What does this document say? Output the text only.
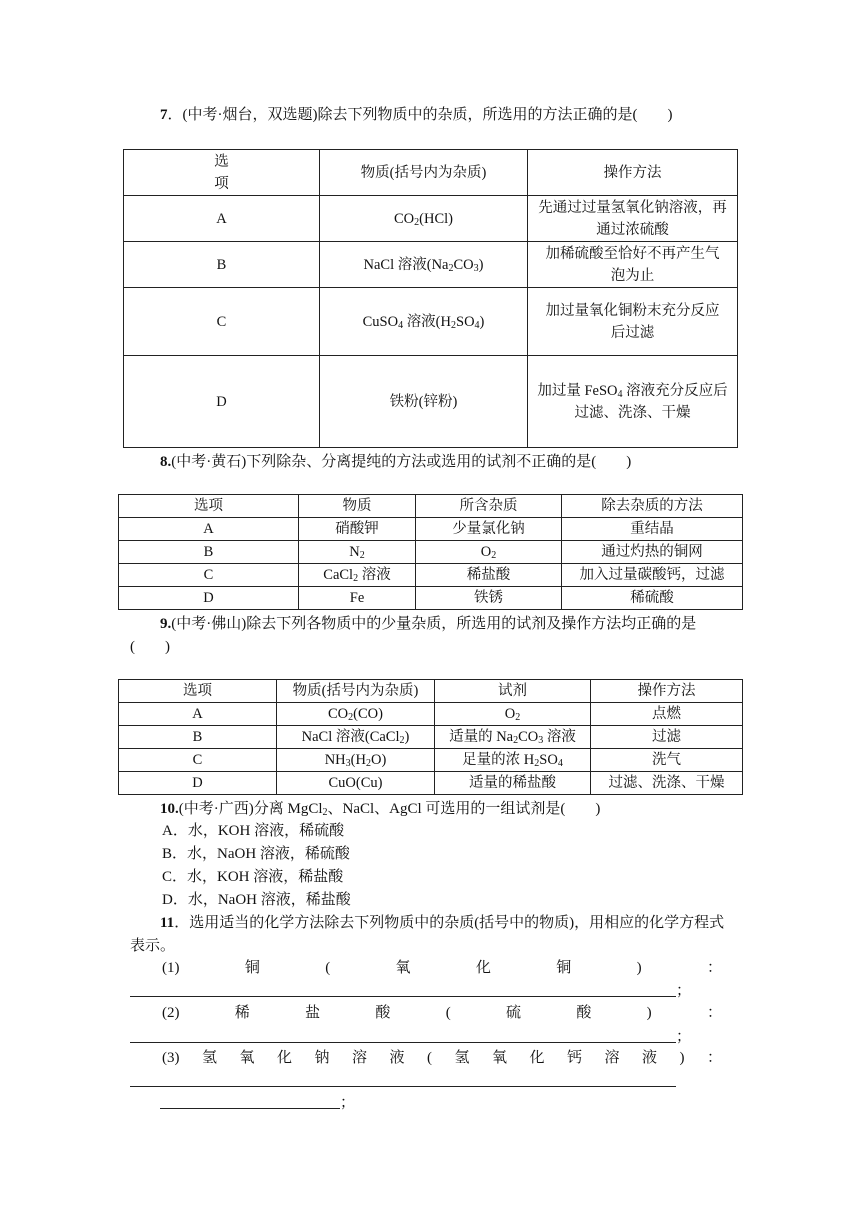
7．(中考·烟台，双选题)除去下列物质中的杂质，所选用的方法正确的是(　　)
选
项	物质(括号内为杂质)	操作方法
A	$CO_2(HCl)$	先通过过量氢氧化钠溶液，再
通过浓硫酸
B	NaCl 溶液$(Na_2CO_3)$	加稀硫酸至恰好不再产生气
泡为止
C	CuSO$_4$ 溶液$(H_2SO_4)$	加过量氧化铜粉末充分反应
后过滤
D	铁粉(锌粉)	加过量 FeSO$_4$ 溶液充分反应后
过滤、洗涤、干燥
8.(中考·黄石)下列除杂、分离提纯的方法或选用的试剂不正确的是(　　)
选项	物质	所含杂质	除去杂质的方法
A	硝酸钾	少量氯化钠	重结晶
B	$N_2$	$O_2$	通过灼热的铜网
C	CaCl$_2$ 溶液	稀盐酸	加入过量碳酸钙，过滤
D	Fe	铁锈	稀硫酸
9.(中考·佛山)除去下列各物质中的少量杂质，所选用的试剂及操作方法均正确的是
(　　)
选项	物质(括号内为杂质)	试剂	操作方法
A	$CO_2(CO)$	$O_2$	点燃
B	NaCl 溶液(CaCl$_2$)	适量的 $Na_2CO_3$ 溶液	过滤
C	$NH_3(H_2O)$	足量的浓 $H_2SO_4$	洗气
D	CuO(Cu)	适量的稀盐酸	过滤、洗涤、干燥
10.(中考·广西)分离 MgCl$_2$、NaCl、AgCl 可选用的一组试剂是(　　)
A．水，KOH 溶液，稀硫酸
B．水，NaOH 溶液，稀硫酸
C．水，KOH 溶液，稀盐酸
D．水，NaOH 溶液，稀盐酸
11．选用适当的化学方法除去下列物质中的杂质(括号中的物质)，用相应的化学方程式
表示。
(1)	铜	(	氧	化	铜	)	：
；
(2)	稀	盐	酸	(	硫	酸	)	：
；
(3) 氢 氧 化 钠 溶 液 ( 氢 氧 化 钙 溶 液 ) ：
；
